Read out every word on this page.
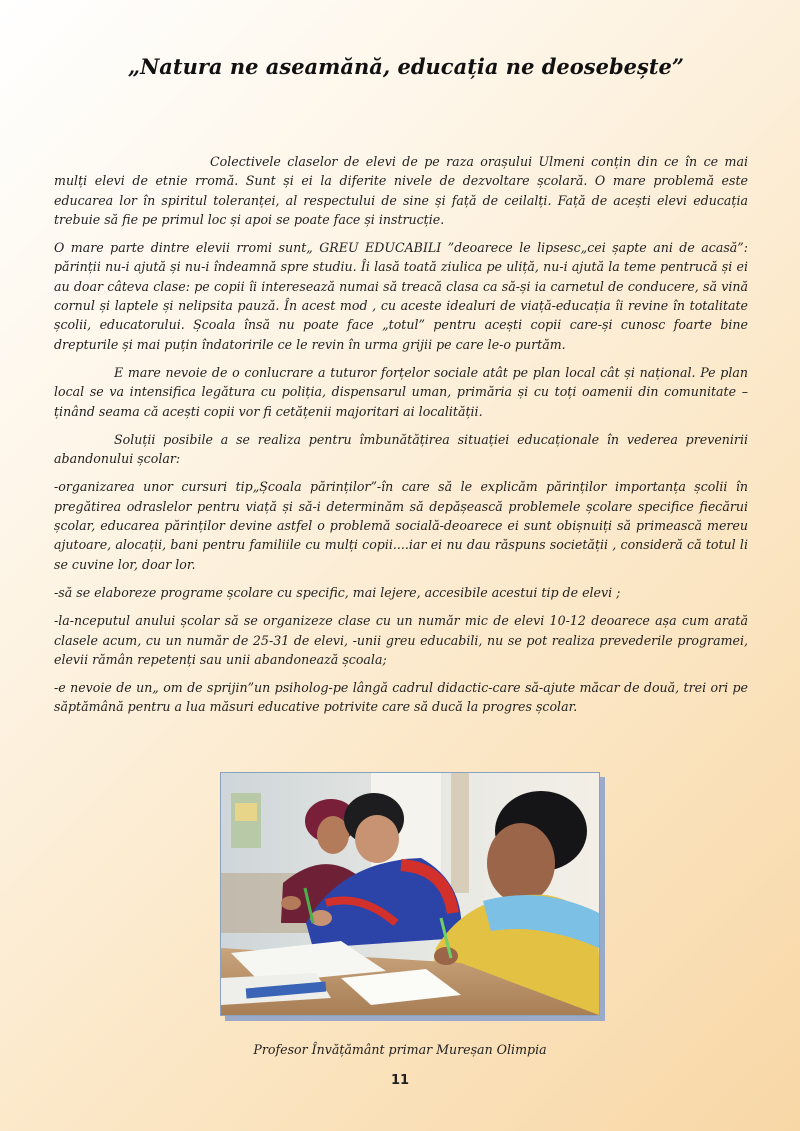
„Natura ne aseamănă, educația ne deosebește”

Colectivele claselor de elevi de pe raza orașului Ulmeni conțin din ce în ce mai mulți elevi de etnie rromă. Sunt și ei la diferite nivele de dezvoltare școlară. O mare problemă este educarea lor în spiritul toleranței, al respectului de sine și față de ceilalți. Față de acești elevi educația trebuie să fie pe primul loc și apoi se poate face și instrucție.

O mare parte dintre elevii rromi sunt„ GREU EDUCABILI ”deoarece le lipsesc„cei șapte ani de acasă”: părinții nu-i ajută și nu-i îndeamnă spre studiu. Îi lasă toată ziulica pe uliță, nu-i ajută la teme pentrucă și ei au doar câteva clase: pe copii îi interesează numai să treacă clasa ca să-și ia carnetul de conducere, să vină cornul și laptele și nelipsita pauză. În acest mod , cu aceste idealuri de viață-educația îi revine în totalitate școlii, educatorului. Școala însă nu poate face „totul” pentru acești copii care-și cunosc foarte bine drepturile și mai puțin îndatoririle ce le revin în urma grijii pe care le-o purtăm.

E mare nevoie de o conlucrare a tuturor forțelor sociale atât pe plan local cât și național. Pe plan local se va intensifica legătura cu poliția, dispensarul uman, primăria și cu toți oamenii din comunitate – ținând seama că acești copii vor fi cetățenii majoritari ai localității.

Soluții posibile a se realiza pentru îmbunătățirea situației educaționale în vederea prevenirii abandonului școlar:

-organizarea unor cursuri tip„Școala părinților”-în care să le explicăm părinților importanța școlii în pregătirea odraslelor pentru viață și să-i determinăm să depășească problemele școlare specifice fiecărui școlar, educarea părinților devine astfel o problemă socială-deoarece ei sunt obișnuiți să primească mereu ajutoare, alocații, bani pentru familiile cu mulți copii....iar ei nu dau răspuns societății , consideră că totul li se cuvine lor, doar lor.

-să se elaboreze programe școlare cu specific, mai lejere, accesibile acestui tip de elevi ;

-la-nceputul anului școlar să se organizeze clase cu un număr mic de elevi 10-12 deoarece așa cum arată clasele acum, cu un număr de 25-31 de elevi, -unii greu educabili, nu se pot realiza prevederile programei, elevii rămân repetenți sau unii abandonează școala;

-e nevoie de un„ om de sprijin”un psiholog-pe lângă cadrul didactic-care să-ajute măcar de două, trei ori pe săptămână pentru a lua măsuri educative potrivite care să ducă la progres școlar.

Profesor Învățământ primar Mureșan Olimpia
11
